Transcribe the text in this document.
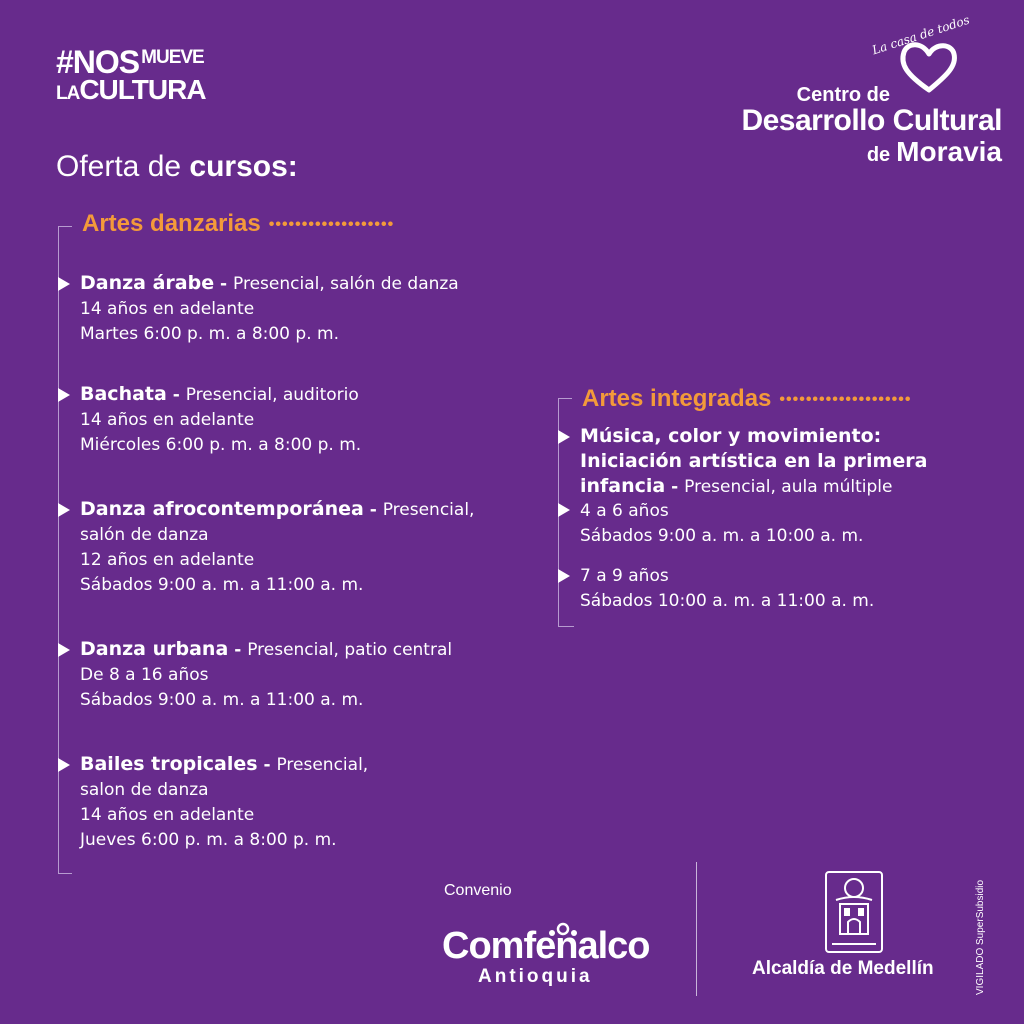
#NOS $^{MUEVE}$
LACULTURA
La casa de todos
Centro de
Desarrollo Cultural
de Moravia
Oferta de cursos:
Artes danzarias •••••••••••••••••••
Danza árabe - Presencial, salón de danza
14 años en adelante
Martes 6:00 p. m. a 8:00 p. m.
Bachata - Presencial, auditorio
14 años en adelante
Miércoles 6:00 p. m. a 8:00 p. m.
Danza afrocontemporánea - Presencial,
salón de danza
12 años en adelante
Sábados 9:00 a. m. a 11:00 a. m.
Danza urbana - Presencial, patio central
De 8 a 16 años
Sábados 9:00 a. m. a 11:00 a. m.
Bailes tropicales - Presencial,
salon de danza
14 años en adelante
Jueves 6:00 p. m. a 8:00 p. m.
Artes integradas ••••••••••••••••••••
Música, color y movimiento:
Iniciación artística en la primera
infancia - Presencial, aula múltiple
4 a 6 años
Sábados 9:00 a. m. a 10:00 a. m.
7 a 9 años
Sábados 10:00 a. m. a 11:00 a. m.
Convenio
Comfenalco
Antioquia	Alcaldía de Medellín	VIGILADO SuperSubsidio
